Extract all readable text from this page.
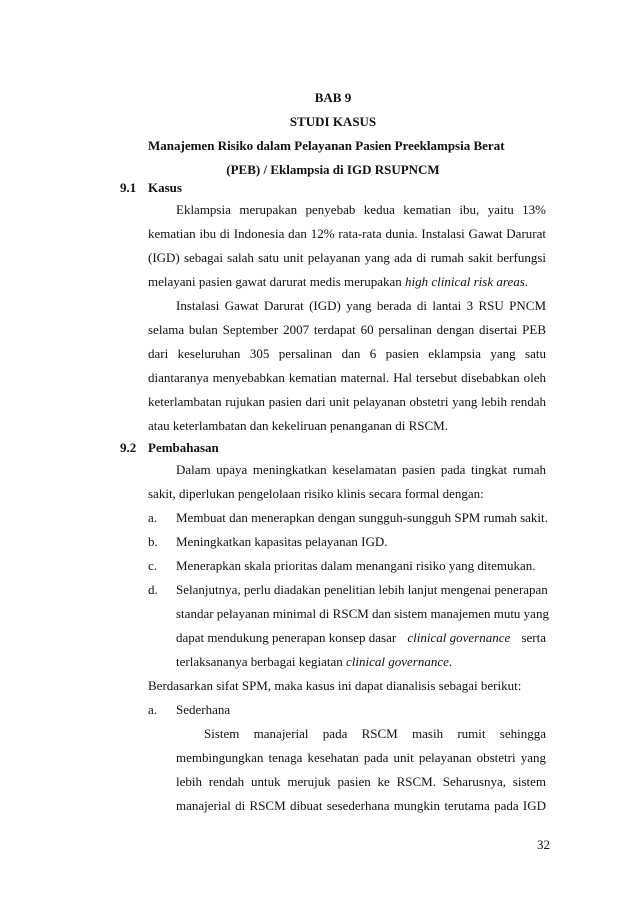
BAB 9
STUDI KASUS
Manajemen Risiko dalam Pelayanan Pasien Preeklampsia Berat
(PEB) / Eklampsia di IGD RSUPNCM
9.1 Kasus
Eklampsia merupakan penyebab kedua kematian ibu, yaitu 13%
kematian ibu di Indonesia dan 12% rata-rata dunia. Instalasi Gawat Darurat
(IGD) sebagai salah satu unit pelayanan yang ada di rumah sakit berfungsi
melayani pasien gawat darurat medis merupakan high clinical risk areas.
Instalasi Gawat Darurat (IGD) yang berada di lantai 3 RSU PNCM
selama bulan September 2007 terdapat 60 persalinan dengan disertai PEB
dari keseluruhan 305 persalinan dan 6 pasien eklampsia yang satu
diantaranya menyebabkan kematian maternal. Hal tersebut disebabkan oleh
keterlambatan rujukan pasien dari unit pelayanan obstetri yang lebih rendah
atau keterlambatan dan kekeliruan penanganan di RSCM.
9.2 Pembahasan
Dalam upaya meningkatkan keselamatan pasien pada tingkat rumah
sakit, diperlukan pengelolaan risiko klinis secara formal dengan:
a. Membuat dan menerapkan dengan sungguh-sungguh SPM rumah sakit.
b. Meningkatkan kapasitas pelayanan IGD.
c. Menerapkan skala prioritas dalam menangani risiko yang ditemukan.
d. Selanjutnya, perlu diadakan penelitian lebih lanjut mengenai penerapan
standar pelayanan minimal di RSCM dan sistem manajemen mutu yang
dapat mendukung penerapan konsep dasar clinical governance serta
terlaksananya berbagai kegiatan clinical governance.
Berdasarkan sifat SPM, maka kasus ini dapat dianalisis sebagai berikut:
a. Sederhana
Sistem manajerial pada RSCM masih rumit sehingga
membingungkan tenaga kesehatan pada unit pelayanan obstetri yang
lebih rendah untuk merujuk pasien ke RSCM. Seharusnya, sistem
manajerial di RSCM dibuat sesederhana mungkin terutama pada IGD
32
